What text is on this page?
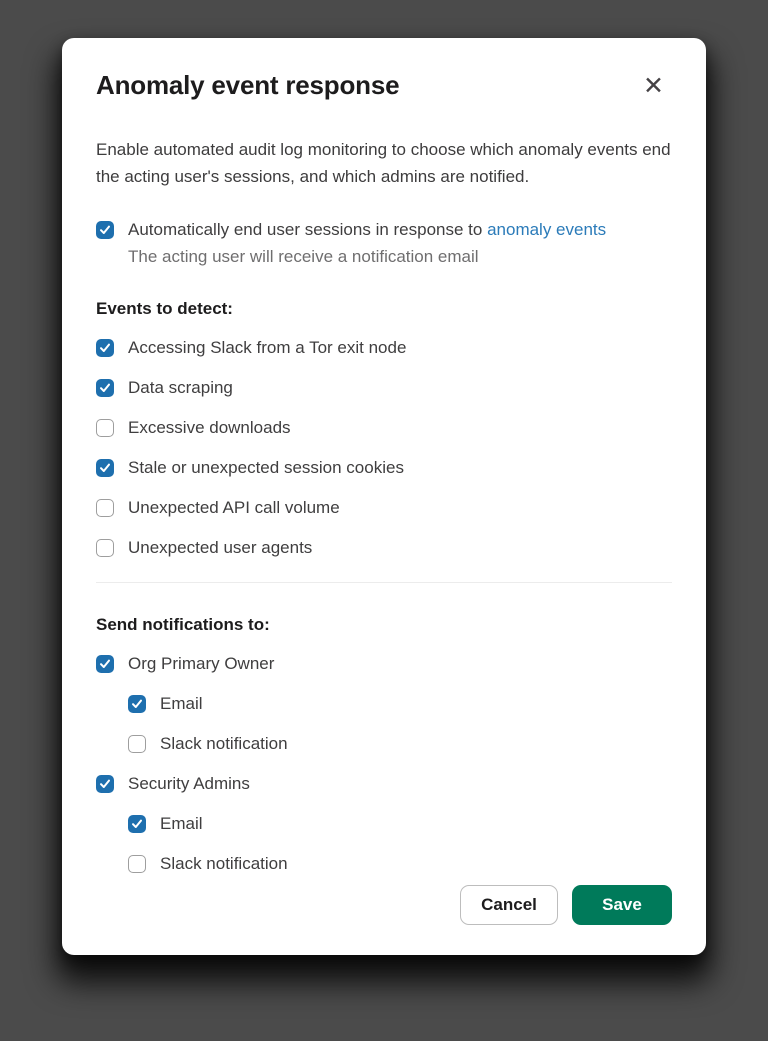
Anomaly event response	✕

Enable automated audit log monitoring to choose which anomaly events end the acting user's sessions, and which admins are notified.

Automatically end user sessions in response to anomaly events
The acting user will receive a notification email
Events to detect:
Accessing Slack from a Tor exit node
Data scraping
Excessive downloads
Stale or unexpected session cookies
Unexpected API call volume
Unexpected user agents
Send notifications to:
Org Primary Owner
Email
Slack notification
Security Admins
Email
Slack notification
Cancel	Save
